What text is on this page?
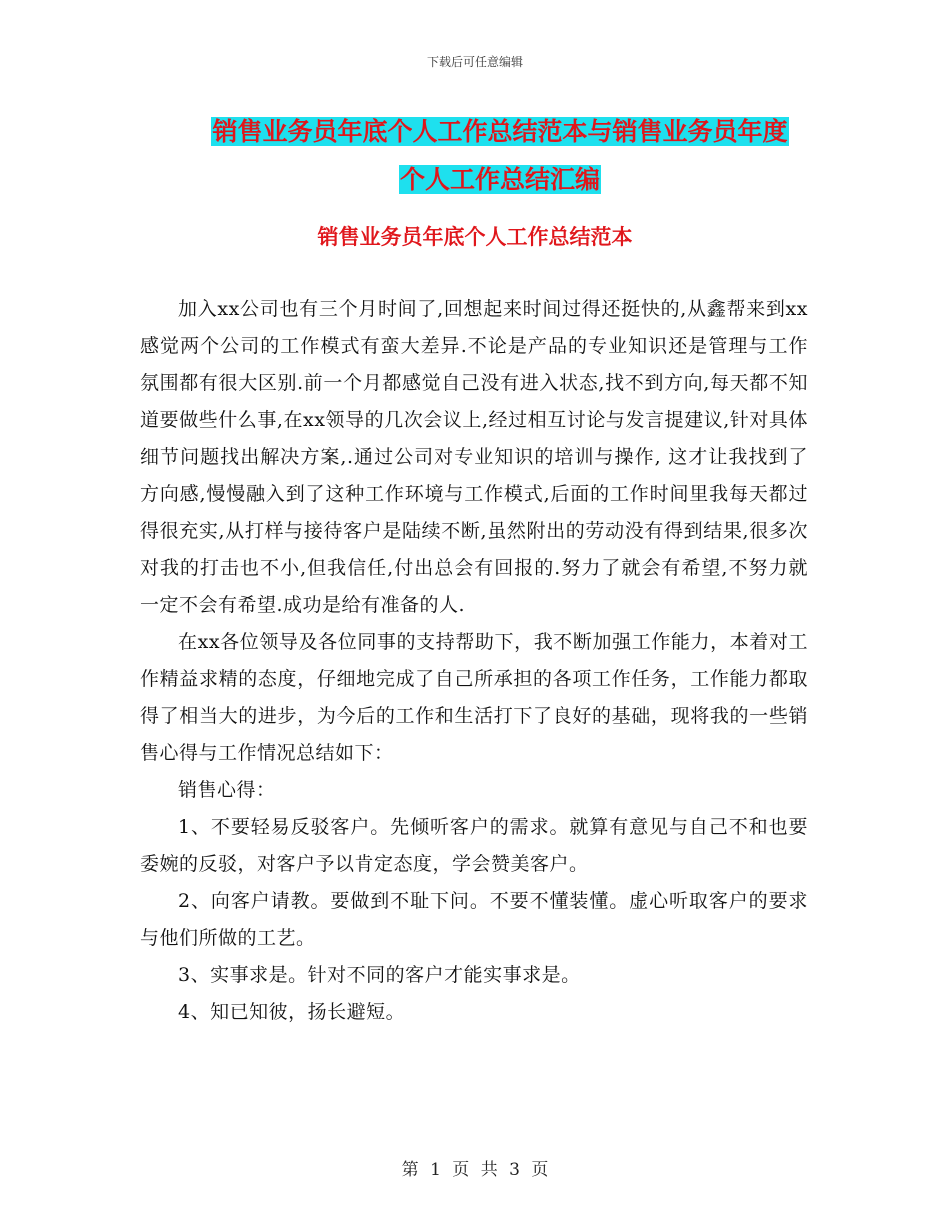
下载后可任意编辑
销售业务员年底个人工作总结范本与销售业务员年度
个人工作总结汇编
销售业务员年底个人工作总结范本

加入xx公司也有三个月时间了,回想起来时间过得还挺快的,从鑫帮来到xx感觉两个公司的工作模式有蛮大差异.不论是产品的专业知识还是管理与工作氛围都有很大区别.前一个月都感觉自己没有进入状态,找不到方向,每天都不知道要做些什么事,在xx领导的几次会议上,经过相互讨论与发言提建议,针对具体细节问题找出解决方案,.通过公司对专业知识的培训与操作, 这才让我找到了方向感,慢慢融入到了这种工作环境与工作模式,后面的工作时间里我每天都过得很充实,从打样与接待客户是陆续不断,虽然附出的劳动没有得到结果,很多次对我的打击也不小,但我信任,付出总会有回报的.努力了就会有希望,不努力就一定不会有希望.成功是给有准备的人.

在xx各位领导及各位同事的支持帮助下，我不断加强工作能力，本着对工作精益求精的态度，仔细地完成了自己所承担的各项工作任务，工作能力都取得了相当大的进步，为今后的工作和生活打下了良好的基础，现将我的一些销售心得与工作情况总结如下：

销售心得：

1、不要轻易反驳客户。先倾听客户的需求。就算有意见与自己不和也要委婉的反驳，对客户予以肯定态度，学会赞美客户。

2、向客户请教。要做到不耻下问。不要不懂装懂。虚心听取客户的要求与他们所做的工艺。

3、实事求是。针对不同的客户才能实事求是。

4、知已知彼，扬长避短。

第 1 页 共 3 页
